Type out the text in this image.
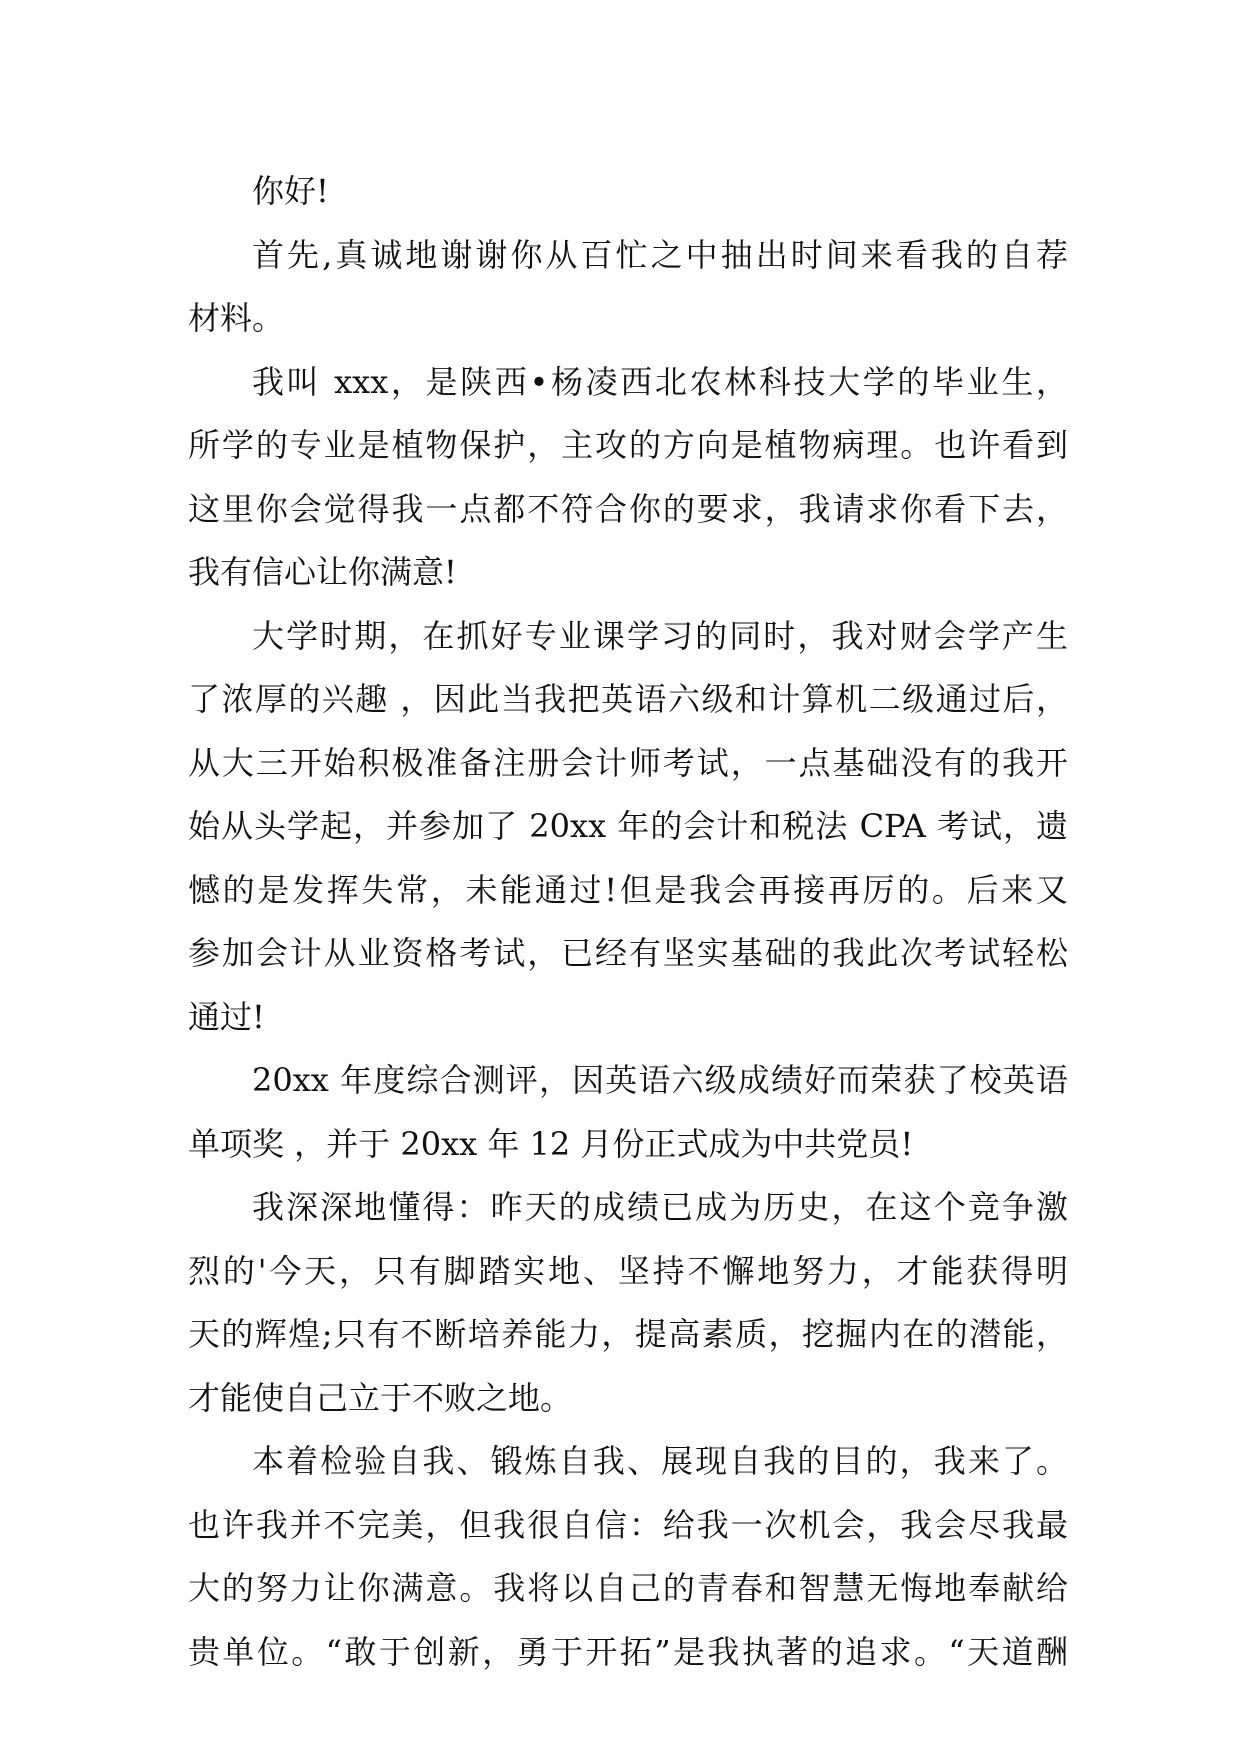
你好!
首先,真诚地谢谢你从百忙之中抽出时间来看我的自荐
材料。
我叫 xxx，是陕西•杨凌西北农林科技大学的毕业生，
所学的专业是植物保护，主攻的方向是植物病理。也许看到
这里你会觉得我一点都不符合你的要求，我请求你看下去，
我有信心让你满意!
大学时期，在抓好专业课学习的同时，我对财会学产生
了浓厚的兴趣 ，因此当我把英语六级和计算机二级通过后，
从大三开始积极准备注册会计师考试，一点基础没有的我开
始从头学起，并参加了 20xx 年的会计和税法 CPA 考试，遗
憾的是发挥失常，未能通过!但是我会再接再厉的。后来又
参加会计从业资格考试，已经有坚实基础的我此次考试轻松
通过!
20xx 年度综合测评，因英语六级成绩好而荣获了校英语
单项奖 ，并于 20xx 年 12 月份正式成为中共党员!
我深深地懂得：昨天的成绩已成为历史，在这个竞争激
烈的'今天，只有脚踏实地、坚持不懈地努力，才能获得明
天的辉煌;只有不断培养能力，提高素质，挖掘内在的潜能，
才能使自己立于不败之地。
本着检验自我、锻炼自我、展现自我的目的，我来了。
也许我并不完美，但我很自信：给我一次机会，我会尽我最
大的努力让你满意。我将以自己的青春和智慧无悔地奉献给
贵单位。“敢于创新，勇于开拓”是我执著的追求。“天道酬
